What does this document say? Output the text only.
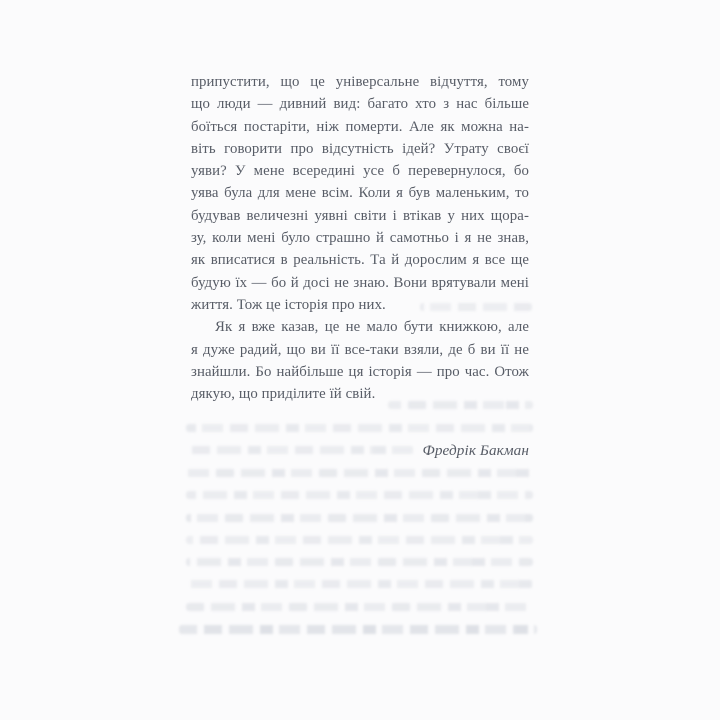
припустити, що це універсальне відчуття, тому
що люди — дивний вид: багато хто з нас більше
боїться постаріти, ніж померти. Але як можна на-
віть говорити про відсутність ідей? Утрату своєї
уяви? У мене всередині усе б перевернулося, бо
уява була для мене всім. Коли я був маленьким, то
будував величезні уявні світи і втікав у них щора-
зу, коли мені було страшно й самотньо і я не знав,
як вписатися в реальність. Та й дорослим я все ще
будую їх — бо й досі не знаю. Вони врятували мені
життя. Тож це історія про них.
Як я вже казав, це не мало бути книжкою, але
я дуже радий, що ви її все-таки взяли, де б ви її не
знайшли. Бо найбільше ця історія — про час. Отож
дякую, що приділите їй свій.
Фредрік Бакман
